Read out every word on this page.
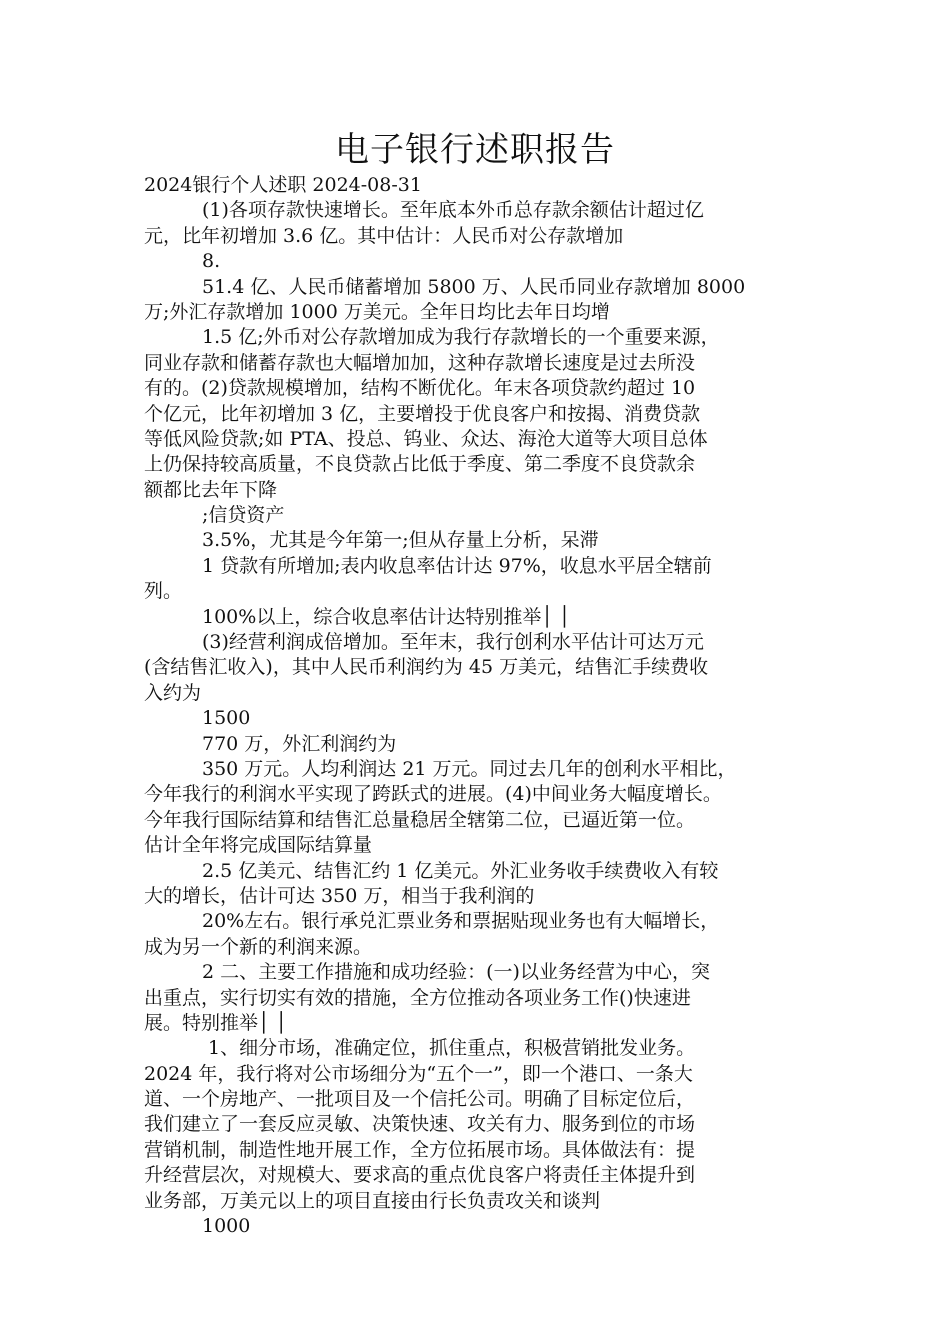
电子银行述职报告
2024银行个人述职 2024-08-31
(1)各项存款快速增长。至年底本外币总存款余额估计超过亿
元，比年初增加 3.6 亿。其中估计：人民币对公存款增加
8.
51.4 亿、人民币储蓄增加 5800 万、人民币同业存款增加 8000
万;外汇存款增加 1000 万美元。全年日均比去年日均增
1.5 亿;外币对公存款增加成为我行存款增长的一个重要来源，
同业存款和储蓄存款也大幅增加加，这种存款增长速度是过去所没
有的。(2)贷款规模增加，结构不断优化。年末各项贷款约超过 10
个亿元，比年初增加 3 亿，主要增投于优良客户和按揭、消费贷款
等低风险贷款;如 PTA、投总、钨业、众达、海沧大道等大项目总体
上仍保持较高质量，不良贷款占比低于季度、第二季度不良贷款余
额都比去年下降
;信贷资产
3.5%，尤其是今年第一;但从存量上分析，呆滞
1 贷款有所增加;表内收息率估计达 97%，收息水平居全辖前
列。
100%以上，综合收息率估计达特别推举│ │
(3)经营利润成倍增加。至年末，我行创利水平估计可达万元
(含结售汇收入)，其中人民币利润约为 45 万美元，结售汇手续费收
入约为
1500
770 万，外汇利润约为
350 万元。人均利润达 21 万元。同过去几年的创利水平相比，
今年我行的利润水平实现了跨跃式的进展。(4)中间业务大幅度增长。
今年我行国际结算和结售汇总量稳居全辖第二位，已逼近第一位。
估计全年将完成国际结算量
2.5 亿美元、结售汇约 1 亿美元。外汇业务收手续费收入有较
大的增长，估计可达 350 万，相当于我利润的
20%左右。银行承兑汇票业务和票据贴现业务也有大幅增长，
成为另一个新的利润来源。
2 二、主要工作措施和成功经验：(一)以业务经营为中心，突
出重点，实行切实有效的措施，全方位推动各项业务工作()快速进
展。特别推举│ │
1、细分市场，准确定位，抓住重点，积极营销批发业务。
2024 年，我行将对公市场细分为“五个一”，即一个港口、一条大
道、一个房地产、一批项目及一个信托公司。明确了目标定位后，
我们建立了一套反应灵敏、决策快速、攻关有力、服务到位的市场
营销机制，制造性地开展工作，全方位拓展市场。具体做法有：提
升经营层次，对规模大、要求高的重点优良客户将责任主体提升到
业务部，万美元以上的项目直接由行长负责攻关和谈判
1000
